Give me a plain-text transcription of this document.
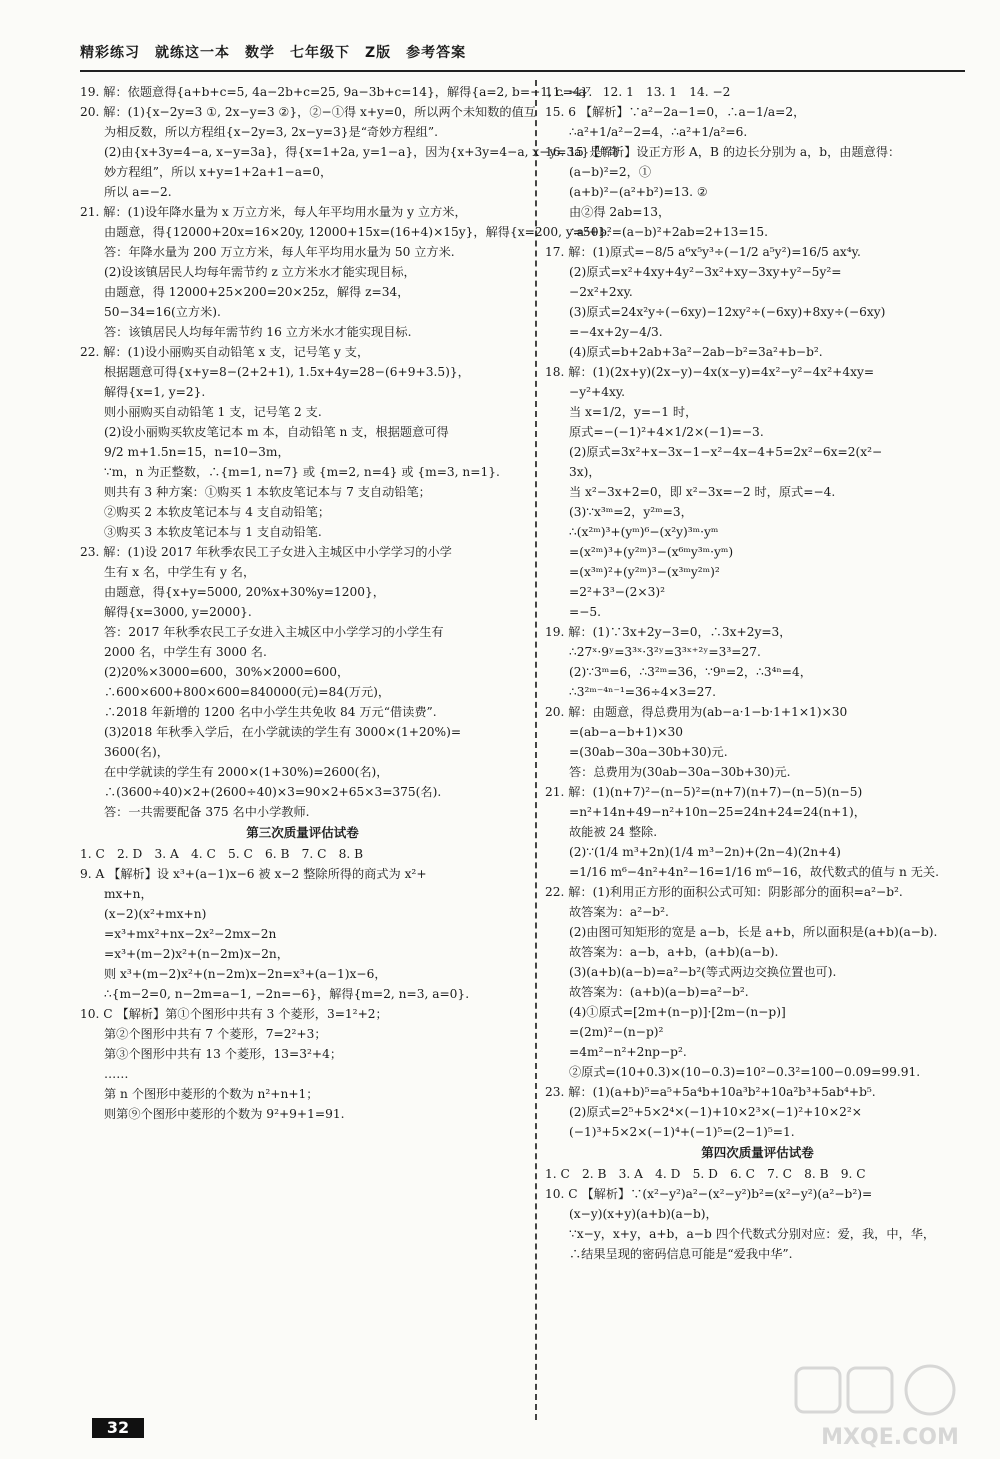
精彩练习　就练这一本　数学　七年级下　Z版　参考答案
19. 解：依题意得{a+b+c=5, 4a−2b+c=25, 9a−3b+c=14}，解得{a=2, b=−1, c=4}.
20. 解：(1){x−2y=3 ①, 2x−y=3 ②}，②−①得 x+y=0，所以两个未知数的值互
为相反数，所以方程组{x−2y=3, 2x−y=3}是“奇妙方程组”.
(2)由{x+3y=4−a, x−y=3a}，得{x=1+2a, y=1−a}，因为{x+3y=4−a, x−y=3a}是“奇
妙方程组”，所以 x+y=1+2a+1−a=0，
所以 a=−2.
21. 解：(1)设年降水量为 x 万立方米，每人年平均用水量为 y 立方米，
由题意，得{12000+20x=16×20y, 12000+15x=(16+4)×15y}，解得{x=200, y=50}.
答：年降水量为 200 万立方米，每人年平均用水量为 50 立方米.
(2)设该镇居民人均每年需节约 z 立方米水才能实现目标，
由题意，得 12000+25×200=20×25z，解得 z=34，
50−34=16(立方米).
答：该镇居民人均每年需节约 16 立方米水才能实现目标.
22. 解：(1)设小丽购买自动铅笔 x 支，记号笔 y 支，
根据题意可得{x+y=8−(2+2+1), 1.5x+4y=28−(6+9+3.5)}，
解得{x=1, y=2}.
则小丽购买自动铅笔 1 支，记号笔 2 支.
(2)设小丽购买软皮笔记本 m 本，自动铅笔 n 支，根据题意可得
9/2 m+1.5n=15，n=10−3m，
∵m，n 为正整数，∴{m=1, n=7} 或 {m=2, n=4} 或 {m=3, n=1}.
则共有 3 种方案：①购买 1 本软皮笔记本与 7 支自动铅笔；
②购买 2 本软皮笔记本与 4 支自动铅笔；
③购买 3 本软皮笔记本与 1 支自动铅笔.
23. 解：(1)设 2017 年秋季农民工子女进入主城区中小学学习的小学
生有 x 名，中学生有 y 名，
由题意，得{x+y=5000, 20%x+30%y=1200}，
解得{x=3000, y=2000}.
答：2017 年秋季农民工子女进入主城区中小学学习的小学生有
2000 名，中学生有 3000 名.
(2)20%×3000=600，30%×2000=600，
∴600×600+800×600=840000(元)=84(万元)，
∴2018 年新增的 1200 名中小学生共免收 84 万元“借读费”.
(3)2018 年秋季入学后，在小学就读的学生有 3000×(1+20%)=
3600(名)，
在中学就读的学生有 2000×(1+30%)=2600(名)，
∴(3600÷40)×2+(2600÷40)×3=90×2+65×3=375(名).
答：一共需要配备 375 名中小学教师.
第三次质量评估试卷
1. C　2. D　3. A　4. C　5. C　6. B　7. C　8. B
9. A 【解析】设 x³+(a−1)x−6 被 x−2 整除所得的商式为 x²+
mx+n，
(x−2)(x²+mx+n)
=x³+mx²+nx−2x²−2mx−2n
=x³+(m−2)x²+(n−2m)x−2n，
则 x³+(m−2)x²+(n−2m)x−2n=x³+(a−1)x−6，
∴{m−2=0, n−2m=a−1, −2n=−6}，解得{m=2, n=3, a=0}.
10. C 【解析】第①个图形中共有 3 个菱形，3=1²+2；
第②个图形中共有 7 个菱形，7=2²+3；
第③个图形中共有 13 个菱形，13=3²+4；
……
第 n 个图形中菱形的个数为 n²+n+1；
则第⑨个图形中菱形的个数为 9²+9+1=91.
11. −a⁷　12. 1　13. 1　14. −2
15. 6 【解析】∵a²−2a−1=0，∴a−1/a=2，
∴a²+1/a²−2=4，∴a²+1/a²=6.
16. 15 【解析】设正方形 A，B 的边长分别为 a，b，由题意得：
(a−b)²=2，①
(a+b)²−(a²+b²)=13. ②
由②得 2ab=13，
∴a²+b²=(a−b)²+2ab=2+13=15.
17. 解：(1)原式=−8/5 a⁶x⁵y³÷(−1/2 a⁵y²)=16/5 ax⁴y.
(2)原式=x²+4xy+4y²−3x²+xy−3xy+y²−5y²=
−2x²+2xy.
(3)原式=24x²y÷(−6xy)−12xy²÷(−6xy)+8xy÷(−6xy)
=−4x+2y−4/3.
(4)原式=b+2ab+3a²−2ab−b²=3a²+b−b².
18. 解：(1)(2x+y)(2x−y)−4x(x−y)=4x²−y²−4x²+4xy=
−y²+4xy.
当 x=1/2，y=−1 时，
原式=−(−1)²+4×1/2×(−1)=−3.
(2)原式=3x²+x−3x−1−x²−4x−4+5=2x²−6x=2(x²−
3x)，
当 x²−3x+2=0，即 x²−3x=−2 时，原式=−4.
(3)∵x³ᵐ=2，y²ᵐ=3，
∴(x²ᵐ)³+(yᵐ)⁶−(x²y)³ᵐ·yᵐ
=(x²ᵐ)³+(y²ᵐ)³−(x⁶ᵐy³ᵐ·yᵐ)
=(x³ᵐ)²+(y²ᵐ)³−(x³ᵐy²ᵐ)²
=2²+3³−(2×3)²
=−5.
19. 解：(1)∵3x+2y−3=0，∴3x+2y=3，
∴27ˣ·9ʸ=3³ˣ·3²ʸ=3³ˣ⁺²ʸ=3³=27.
(2)∵3ᵐ=6，∴3²ᵐ=36，∵9ⁿ=2，∴3⁴ⁿ=4，
∴3²ᵐ⁻⁴ⁿ⁻¹=36÷4×3=27.
20. 解：由题意，得总费用为(ab−a·1−b·1+1×1)×30
=(ab−a−b+1)×30
=(30ab−30a−30b+30)元.
答：总费用为(30ab−30a−30b+30)元.
21. 解：(1)(n+7)²−(n−5)²=(n+7)(n+7)−(n−5)(n−5)
=n²+14n+49−n²+10n−25=24n+24=24(n+1)，
故能被 24 整除.
(2)∵(1/4 m³+2n)(1/4 m³−2n)+(2n−4)(2n+4)
=1/16 m⁶−4n²+4n²−16=1/16 m⁶−16，故代数式的值与 n 无关.
22. 解：(1)利用正方形的面积公式可知：阴影部分的面积=a²−b².
故答案为：a²−b².
(2)由图可知矩形的宽是 a−b，长是 a+b，所以面积是(a+b)(a−b).
故答案为：a−b，a+b，(a+b)(a−b).
(3)(a+b)(a−b)=a²−b²(等式两边交换位置也可).
故答案为：(a+b)(a−b)=a²−b².
(4)①原式=[2m+(n−p)]·[2m−(n−p)]
=(2m)²−(n−p)²
=4m²−n²+2np−p².
②原式=(10+0.3)×(10−0.3)=10²−0.3²=100−0.09=99.91.
23. 解：(1)(a+b)⁵=a⁵+5a⁴b+10a³b²+10a²b³+5ab⁴+b⁵.
(2)原式=2⁵+5×2⁴×(−1)+10×2³×(−1)²+10×2²×
(−1)³+5×2×(−1)⁴+(−1)⁵=(2−1)⁵=1.
第四次质量评估试卷
1. C　2. B　3. A　4. D　5. D　6. C　7. C　8. B　9. C
10. C 【解析】∵(x²−y²)a²−(x²−y²)b²=(x²−y²)(a²−b²)=
(x−y)(x+y)(a+b)(a−b)，
∵x−y，x+y，a+b，a−b 四个代数式分别对应：爱，我，中，华，
∴结果呈现的密码信息可能是“爱我中华”.
32	MXQE.COM
